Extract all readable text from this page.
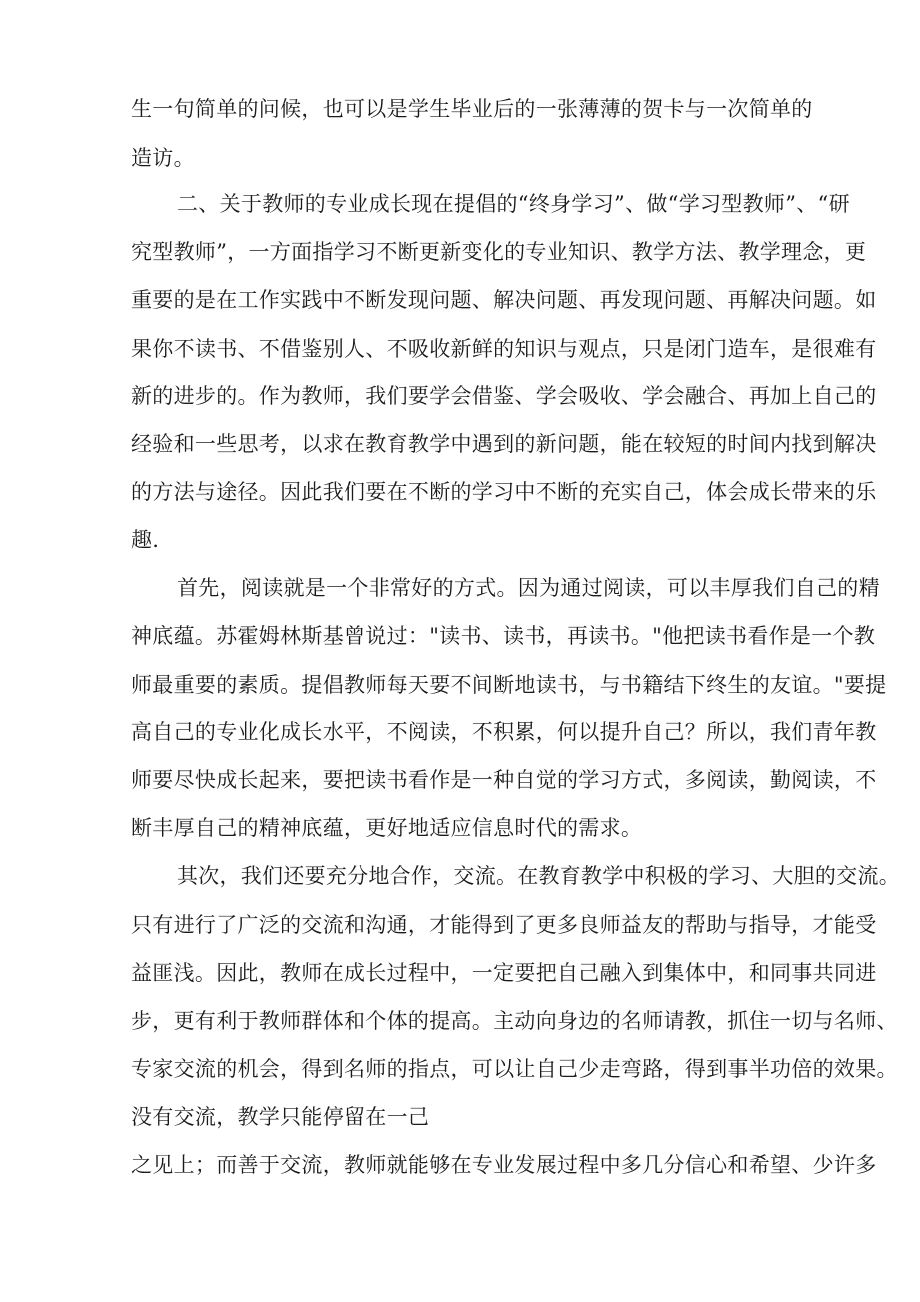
生一句简单的问候，也可以是学生毕业后的一张薄薄的贺卡与一次简单的
造访。
二、关于教师的专业成长现在提倡的“终身学习”、做“学习型教师”、“研
究型教师”，一方面指学习不断更新变化的专业知识、教学方法、教学理念，更
重要的是在工作实践中不断发现问题、解决问题、再发现问题、再解决问题。如
果你不读书、不借鉴别人、不吸收新鲜的知识与观点，只是闭门造车，是很难有
新的进步的。作为教师，我们要学会借鉴、学会吸收、学会融合、再加上自己的
经验和一些思考，以求在教育教学中遇到的新问题，能在较短的时间内找到解决
的方法与途径。因此我们要在不断的学习中不断的充实自己，体会成长带来的乐
趣.
首先，阅读就是一个非常好的方式。因为通过阅读，可以丰厚我们自己的精
神底蕴。苏霍姆林斯基曾说过："读书、读书，再读书。"他把读书看作是一个教
师最重要的素质。提倡教师每天要不间断地读书，与书籍结下终生的友谊。"要提
高自己的专业化成长水平，不阅读，不积累，何以提升自己？所以，我们青年教
师要尽快成长起来，要把读书看作是一种自觉的学习方式，多阅读，勤阅读，不
断丰厚自己的精神底蕴，更好地适应信息时代的需求。
其次，我们还要充分地合作，交流。在教育教学中积极的学习、大胆的交流。
只有进行了广泛的交流和沟通，才能得到了更多良师益友的帮助与指导，才能受
益匪浅。因此，教师在成长过程中，一定要把自己融入到集体中，和同事共同进
步，更有利于教师群体和个体的提高。主动向身边的名师请教，抓住一切与名师、
专家交流的机会，得到名师的指点，可以让自己少走弯路，得到事半功倍的效果。
没有交流，教学只能停留在一己
之见上；而善于交流，教师就能够在专业发展过程中多几分信心和希望、少许多
